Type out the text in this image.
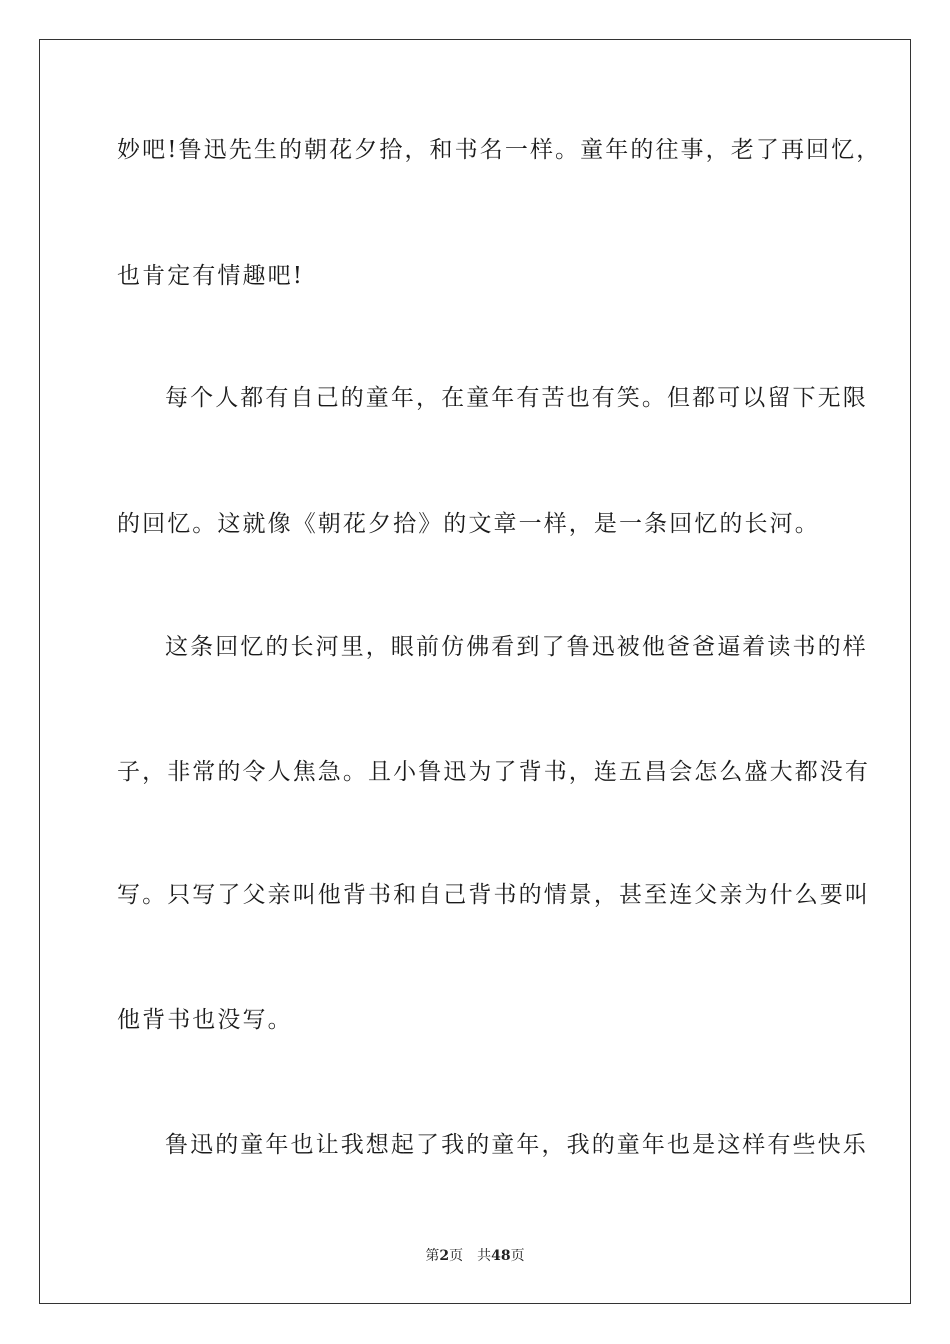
妙吧!鲁迅先生的朝花夕拾，和书名一样。童年的往事，老了再回忆，
也肯定有情趣吧!
每个人都有自己的童年，在童年有苦也有笑。但都可以留下无限
的回忆。这就像《朝花夕拾》的文章一样，是一条回忆的长河。
这条回忆的长河里，眼前仿佛看到了鲁迅被他爸爸逼着读书的样
子，非常的令人焦急。且小鲁迅为了背书，连五昌会怎么盛大都没有
写。只写了父亲叫他背书和自己背书的情景，甚至连父亲为什么要叫
他背书也没写。
鲁迅的童年也让我想起了我的童年，我的童年也是这样有些快乐
第2页 共48页
